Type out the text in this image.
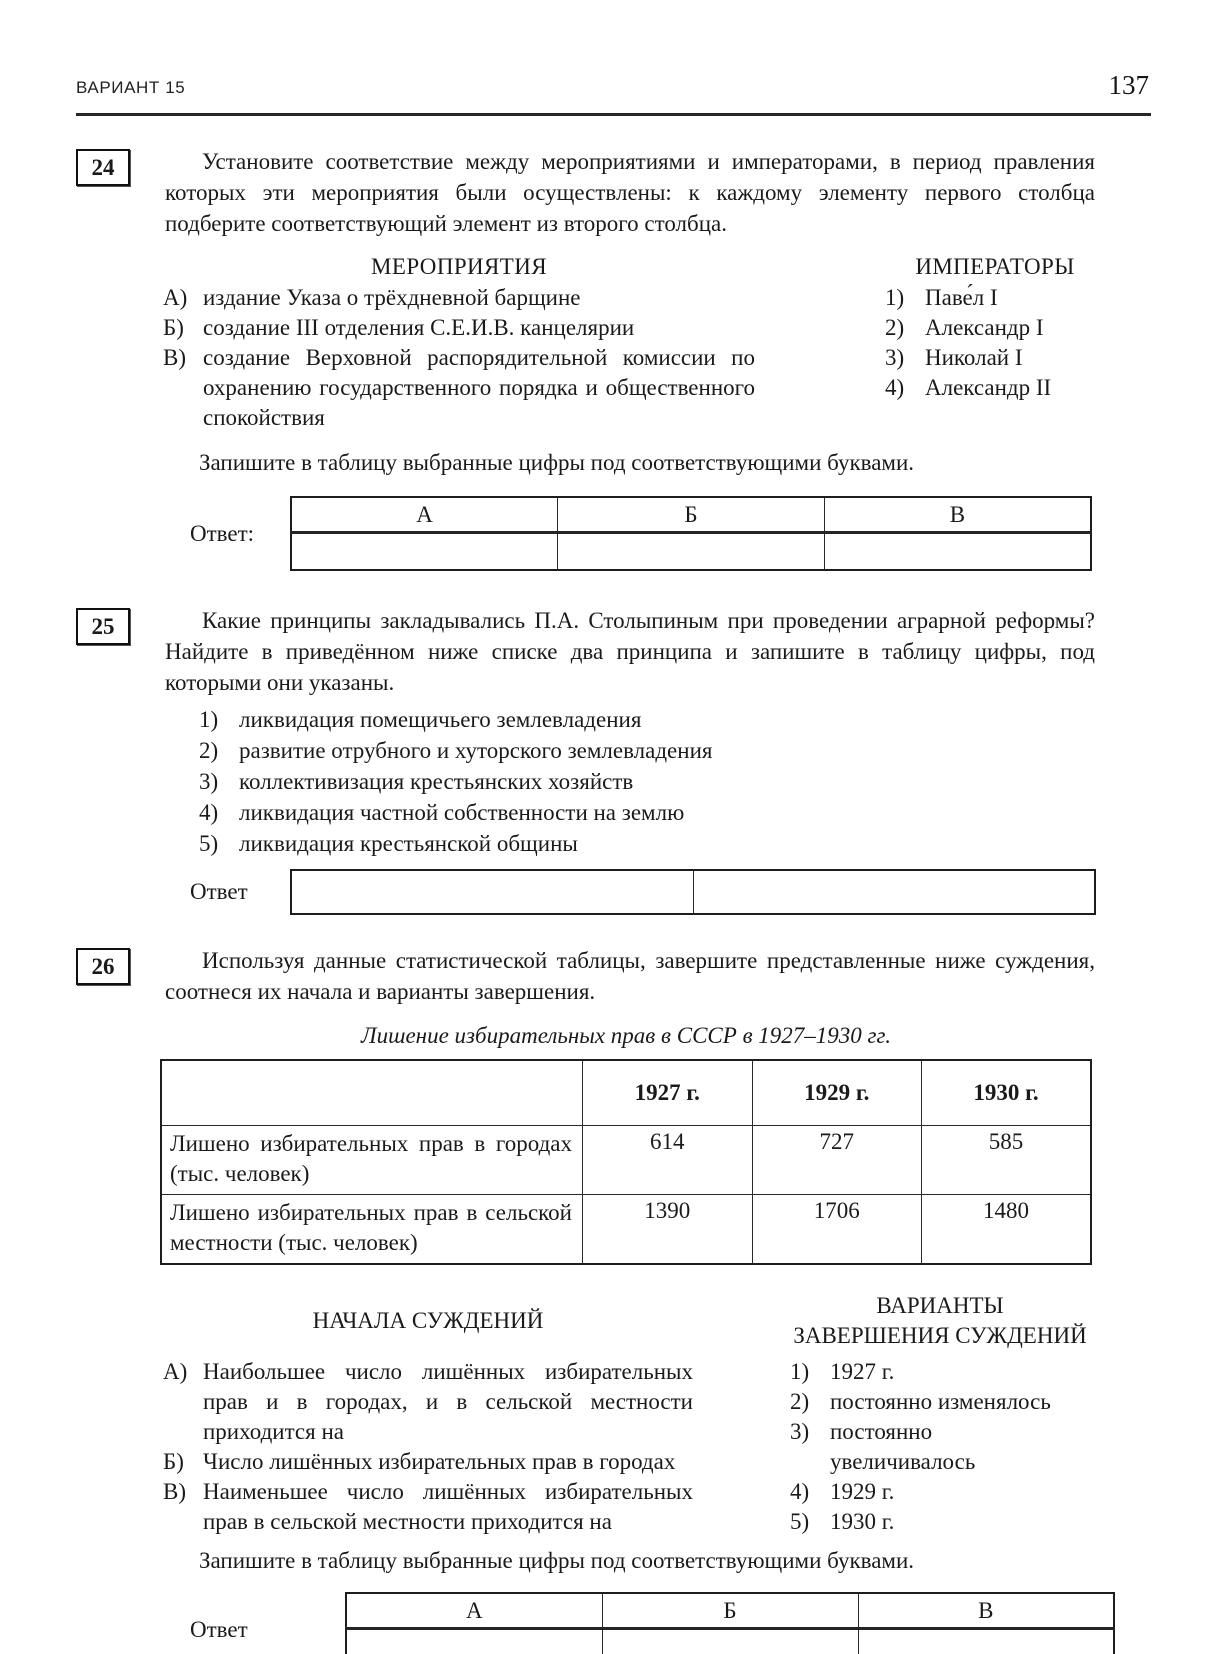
ВАРИАНТ 15	137
24	Установите соответствие между мероприятиями и императорами, в период правления которых эти мероприятия были осуществлены: к каждому элементу первого столбца подберите соответствующий элемент из второго столбца.

МЕРОПРИЯТИЯ
А) издание Указа о трёхдневной барщине
Б) создание III отделения С.Е.И.В. канцелярии
В) создание Верховной распорядительной комиссии по охранению государственного порядка и общественного спокойствия
ИМПЕРАТОРЫ
1) Паве́л I
2) Александр I
3) Николай I
4) Александр II

Запишите в таблицу выбранные цифры под соответствующими буквами.

Ответ:
А	Б	В

25	Какие принципы закладывались П.А. Столыпиным при проведении аграрной реформы? Найдите в приведённом ниже списке два принципа и запишите в таблицу цифры, под которыми они указаны.

1) ликвидация помещичьего землевладения
2) развитие отрубного и хуторского землевладения
3) коллективизация крестьянских хозяйств
4) ликвидация частной собственности на землю
5) ликвидация крестьянской общины
Ответ
26	Используя данные статистической таблицы, завершите представленные ниже суждения, соотнеся их начала и варианты завершения.

Лишение избирательных прав в СССР в 1927–1930 гг.
	1927 г.	1929 г.	1930 г.
Лишено избирательных прав в городах (тыс. человек)	614	727	585
Лишено избирательных прав в сельской местности (тыс. человек)	1390	1706	1480
НАЧАЛА СУЖДЕНИЙ
ВАРИАНТЫ
ЗАВЕРШЕНИЯ СУЖДЕНИЙ
А) Наибольшее число лишённых избирательных прав и в городах, и в сельской местности приходится на
Б) Число лишённых избирательных прав в городах
В) Наименьшее число лишённых избирательных прав в сельской местности приходится на
1) 1927 г.
2) постоянно изменялось
3) постоянно увеличивалось
4) 1929 г.
5) 1930 г.

Запишите в таблицу выбранные цифры под соответствующими буквами.

Ответ
А	Б	В
